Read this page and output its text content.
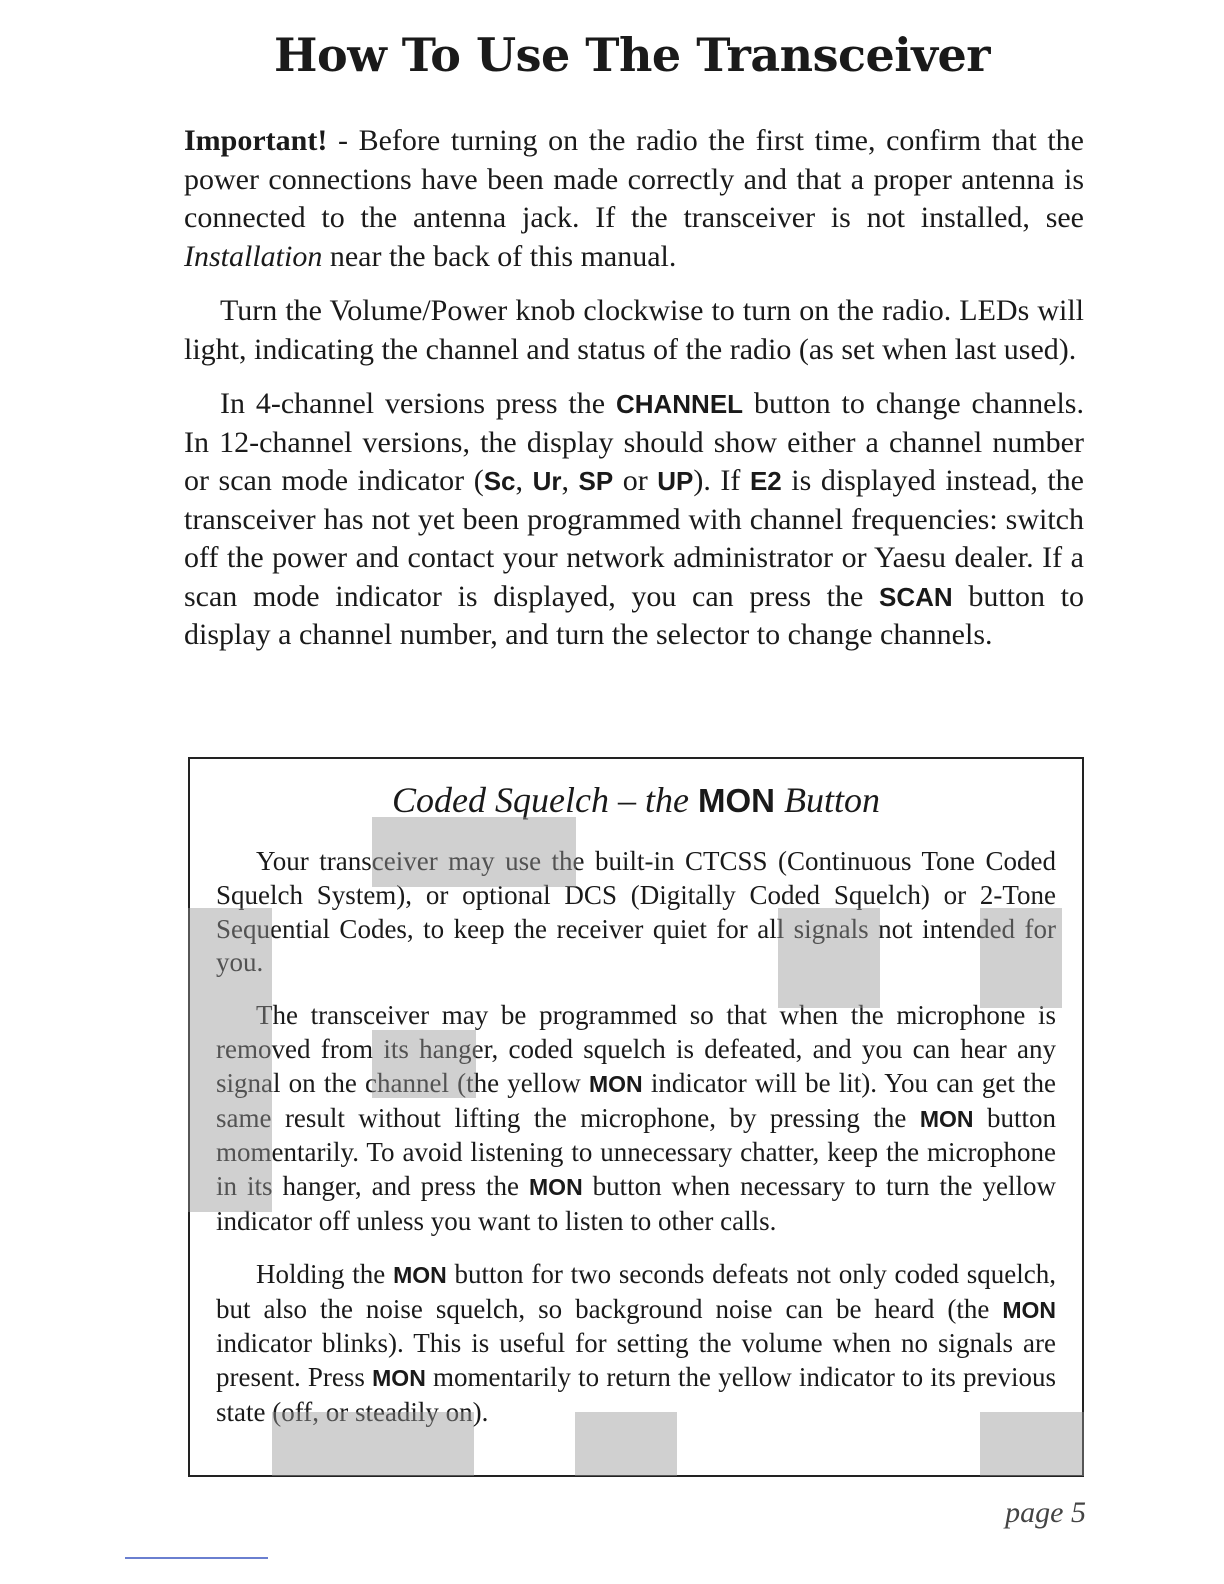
How To Use The Transceiver

Important! - Before turning on the radio the first time, confirm that the power connections have been made correctly and that a proper antenna is connected to the antenna jack. If the transceiver is not installed, see Installation near the back of this manual.

Turn the Volume/Power knob clockwise to turn on the radio. LEDs will light, indicating the channel and status of the radio (as set when last used).

In 4-channel versions press the CHANNEL button to change channels. In 12-channel versions, the display should show either a channel number or scan mode indicator (Sc, Ur, SP or UP). If E2 is displayed instead, the transceiver has not yet been programmed with channel frequencies: switch off the power and contact your network administrator or Yaesu dealer. If a scan mode indicator is displayed, you can press the SCAN button to display a channel number, and turn the selector to change channels.

Coded Squelch – the MON Button

Your transceiver may use the built-in CTCSS (Continuous Tone Coded Squelch System), or optional DCS (Digitally Coded Squelch) or 2-Tone Sequential Codes, to keep the receiver quiet for all signals not intended for you.

The transceiver may be programmed so that when the microphone is removed from its hanger, coded squelch is defeated, and you can hear any signal on the channel (the yellow MON indicator will be lit). You can get the same result without lifting the microphone, by pressing the MON button momentarily. To avoid listening to unnecessary chatter, keep the microphone in its hanger, and press the MON button when necessary to turn the yellow indicator off unless you want to listen to other calls.

Holding the MON button for two seconds defeats not only coded squelch, but also the noise squelch, so background noise can be heard (the MON indicator blinks). This is useful for setting the volume when no signals are present. Press MON momentarily to return the yellow indicator to its previous state (off, or steadily on).

page 5
